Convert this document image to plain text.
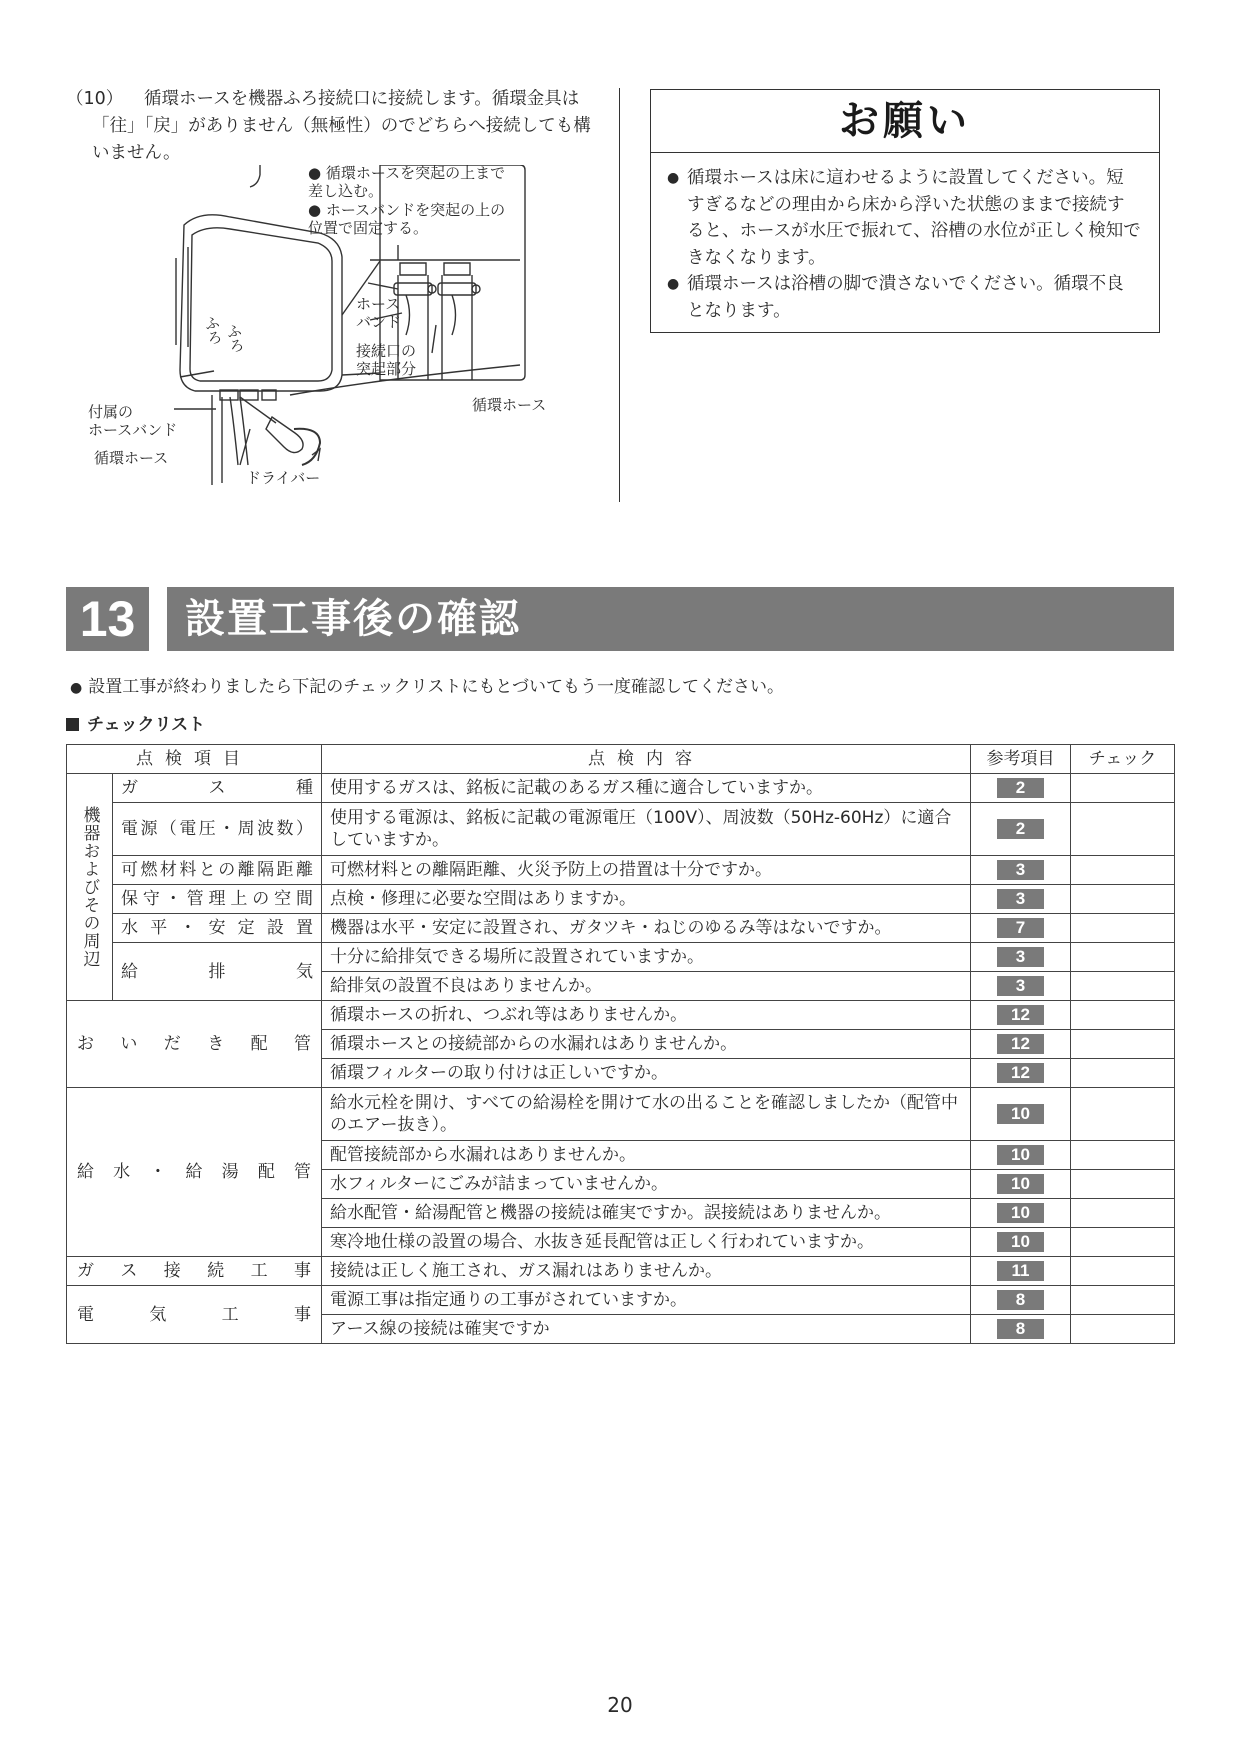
（10）	循環ホースを機器ふろ接続口に接続します。循環金具は「往」「戻」がありません（無極性）のでどちらへ接続しても構いません。
● 循環ホースを突起の上まで
差し込む。
● ホースバンドを突起の上の
位置で固定する。
ホース
バンド
接続口の
突起部分
循環ホース
付属の
ホースバンド
循環ホース
ドライバー
ふろ ふろ
お願い
● 循環ホースは床に這わせるように設置してください。短すぎるなどの理由から床から浮いた状態のままで接続すると、ホースが水圧で振れて、浴槽の水位が正しく検知できなくなります。
● 循環ホースは浴槽の脚で潰さないでください。循環不良となります。
13	設置工事後の確認
● 設置工事が終わりましたら下記のチェックリストにもとづいてもう一度確認してください。
チェックリスト
点検項目		点検内容	参考項目	チェック

機器およびその周辺	ガス種	使用するガスは、銘板に記載のあるガス種に適合していますか。	2	
	電源（電圧・周波数）	使用する電源は、銘板に記載の電源電圧（100V）、周波数（50Hz-60Hz）に適合していますか。	2	
	可燃材料との離隔距離	可燃材料との離隔距離、火災予防上の措置は十分ですか。	3	
	保守・管理上の空間	点検・修理に必要な空間はありますか。	3	
	水平・安定設置	機器は水平・安定に設置され、ガタツキ・ねじのゆるみ等はないですか。	7	
	給排気	十分に給排気できる場所に設置されていますか。	3	
		給排気の設置不良はありませんか。	3	
おいだき配管		循環ホースの折れ、つぶれ等はありませんか。	12	
		循環ホースとの接続部からの水漏れはありませんか。	12	
		循環フィルターの取り付けは正しいですか。	12	
給水・給湯配管		給水元栓を開け、すべての給湯栓を開けて水の出ることを確認しましたか（配管中のエアー抜き）。	10	
		配管接続部から水漏れはありませんか。	10	
		水フィルターにごみが詰まっていませんか。	10	
		給水配管・給湯配管と機器の接続は確実ですか。誤接続はありませんか。	10	
		寒冷地仕様の設置の場合、水抜き延長配管は正しく行われていますか。	10	
ガス接続工事		接続は正しく施工され、ガス漏れはありませんか。	11	
電気工事		電源工事は指定通りの工事がされていますか。	8	
		アース線の接続は確実ですか	8	
20
